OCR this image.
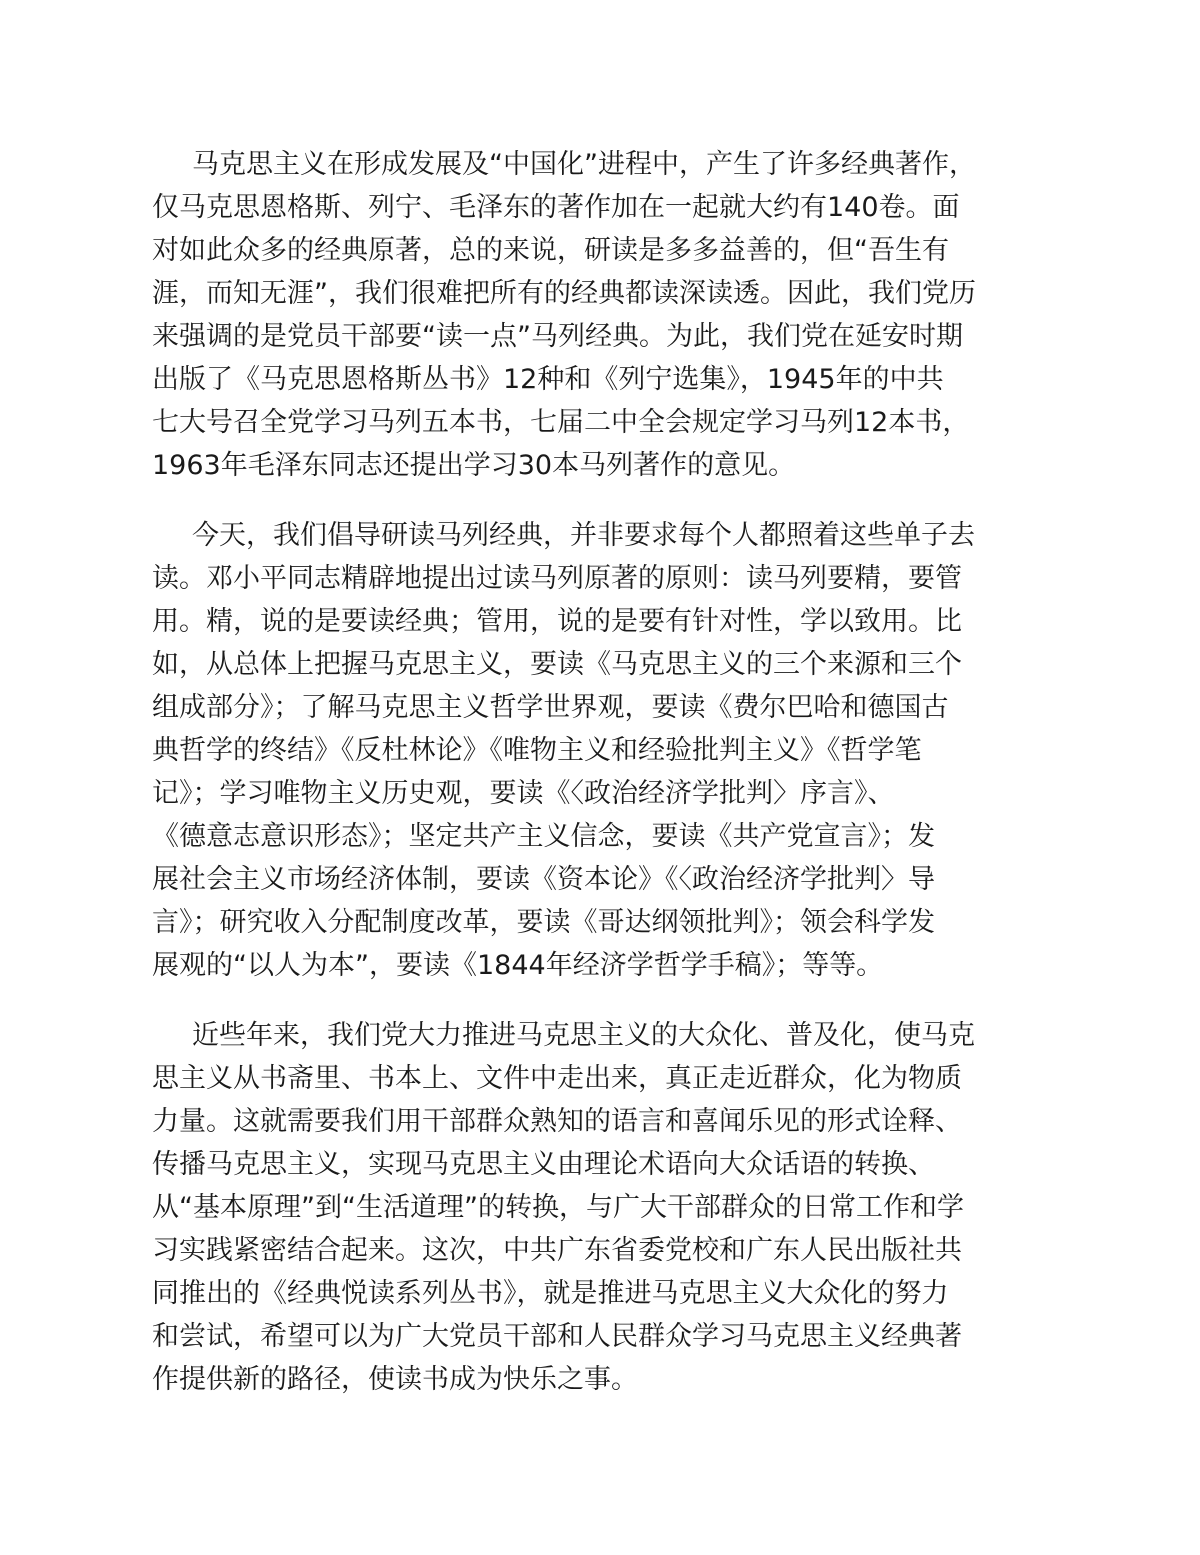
马克思主义在形成发展及“中国化”进程中，产生了许多经典著作，
仅马克思恩格斯、列宁、毛泽东的著作加在一起就大约有140卷。面
对如此众多的经典原著，总的来说，研读是多多益善的，但“吾生有
涯，而知无涯”，我们很难把所有的经典都读深读透。因此，我们党历
来强调的是党员干部要“读一点”马列经典。为此，我们党在延安时期
出版了《马克思恩格斯丛书》12种和《列宁选集》，1945年的中共
七大号召全党学习马列五本书，七届二中全会规定学习马列12本书，
1963年毛泽东同志还提出学习30本马列著作的意见。
今天，我们倡导研读马列经典，并非要求每个人都照着这些单子去
读。邓小平同志精辟地提出过读马列原著的原则：读马列要精，要管
用。精，说的是要读经典；管用，说的是要有针对性，学以致用。比
如，从总体上把握马克思主义，要读《马克思主义的三个来源和三个
组成部分》；了解马克思主义哲学世界观，要读《费尔巴哈和德国古
典哲学的终结》《反杜林论》《唯物主义和经验批判主义》《哲学笔
记》；学习唯物主义历史观，要读《〈政治经济学批判〉序言》、
《德意志意识形态》；坚定共产主义信念，要读《共产党宣言》；发
展社会主义市场经济体制，要读《资本论》《〈政治经济学批判〉导
言》；研究收入分配制度改革，要读《哥达纲领批判》；领会科学发
展观的“以人为本”，要读《1844年经济学哲学手稿》；等等。
近些年来，我们党大力推进马克思主义的大众化、普及化，使马克
思主义从书斋里、书本上、文件中走出来，真正走近群众，化为物质
力量。这就需要我们用干部群众熟知的语言和喜闻乐见的形式诠释、
传播马克思主义，实现马克思主义由理论术语向大众话语的转换、
从“基本原理”到“生活道理”的转换，与广大干部群众的日常工作和学
习实践紧密结合起来。这次，中共广东省委党校和广东人民出版社共
同推出的《经典悦读系列丛书》，就是推进马克思主义大众化的努力
和尝试，希望可以为广大党员干部和人民群众学习马克思主义经典著
作提供新的路径，使读书成为快乐之事。
